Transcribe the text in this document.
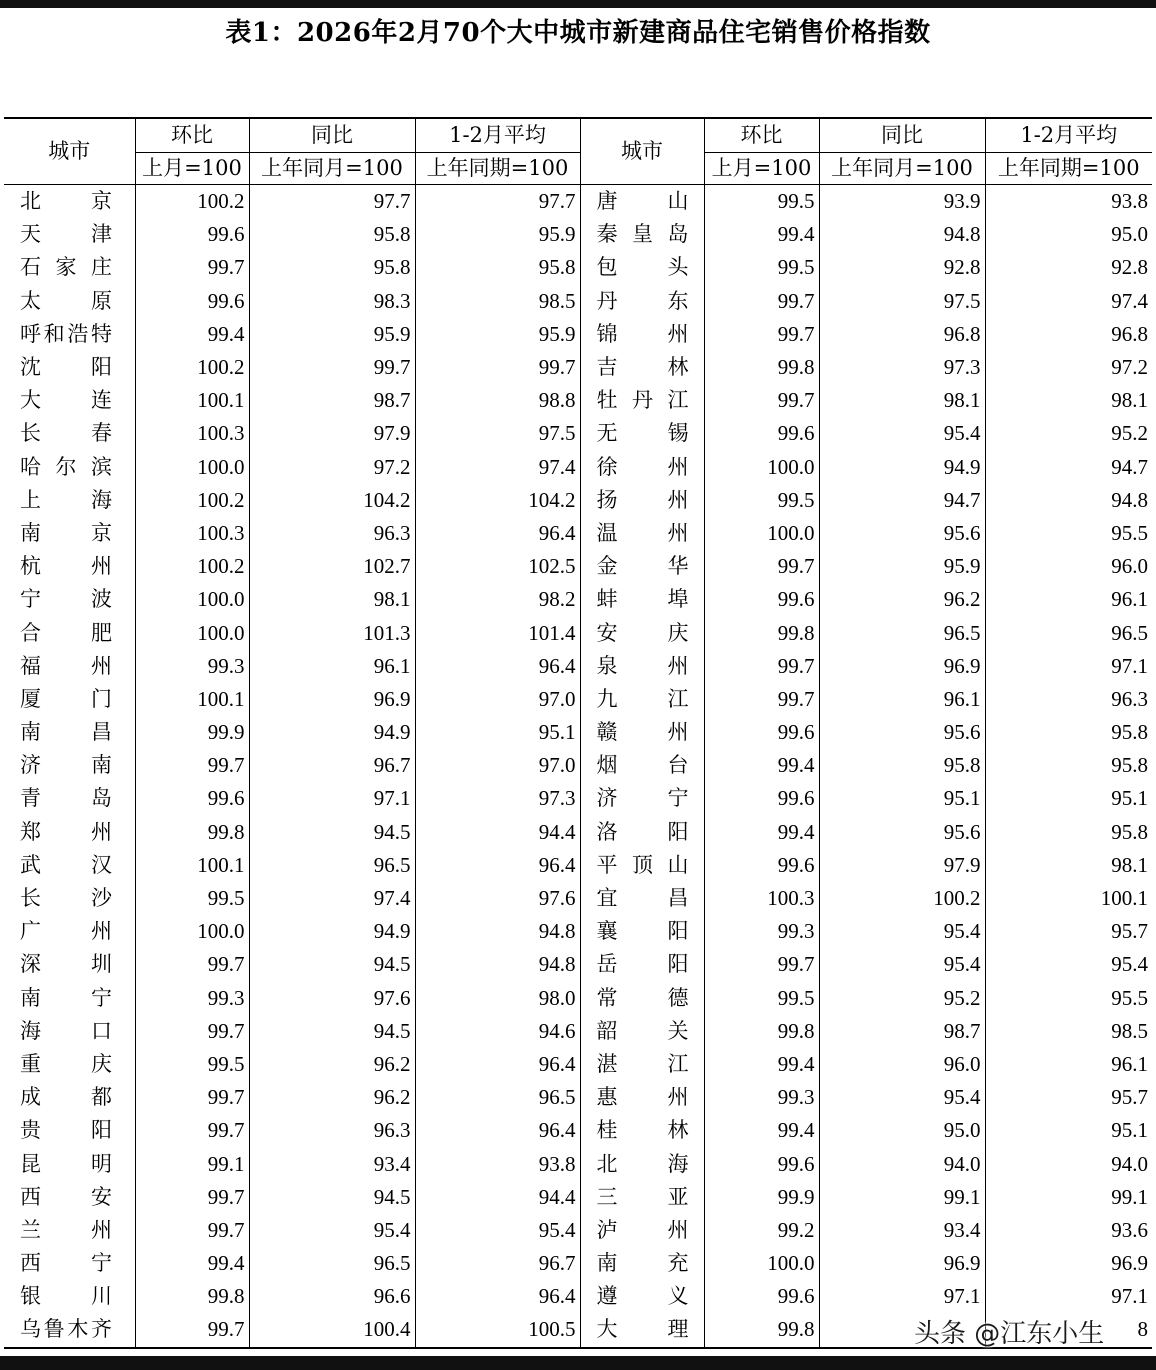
表1：2026年2月70个大中城市新建商品住宅销售价格指数
城市	环比	同比	1-2月平均	城市	环比	同比	1-2月平均
	上月=100	上年同月=100	上年同期=100		上月=100	上年同月=100	上年同期=100

北京	100.2	97.7	97.7	唐山	99.5	93.9	93.8

天津	99.6	95.8	95.9	秦皇岛	99.4	94.8	95.0

石家庄	99.7	95.8	95.8	包头	99.5	92.8	92.8

太原	99.6	98.3	98.5	丹东	99.7	97.5	97.4

呼和浩特	99.4	95.9	95.9	锦州	99.7	96.8	96.8

沈阳	100.2	99.7	99.7	吉林	99.8	97.3	97.2

大连	100.1	98.7	98.8	牡丹江	99.7	98.1	98.1

长春	100.3	97.9	97.5	无锡	99.6	95.4	95.2

哈尔滨	100.0	97.2	97.4	徐州	100.0	94.9	94.7

上海	100.2	104.2	104.2	扬州	99.5	94.7	94.8

南京	100.3	96.3	96.4	温州	100.0	95.6	95.5

杭州	100.2	102.7	102.5	金华	99.7	95.9	96.0

宁波	100.0	98.1	98.2	蚌埠	99.6	96.2	96.1

合肥	100.0	101.3	101.4	安庆	99.8	96.5	96.5

福州	99.3	96.1	96.4	泉州	99.7	96.9	97.1

厦门	100.1	96.9	97.0	九江	99.7	96.1	96.3

南昌	99.9	94.9	95.1	赣州	99.6	95.6	95.8

济南	99.7	96.7	97.0	烟台	99.4	95.8	95.8

青岛	99.6	97.1	97.3	济宁	99.6	95.1	95.1

郑州	99.8	94.5	94.4	洛阳	99.4	95.6	95.8

武汉	100.1	96.5	96.4	平顶山	99.6	97.9	98.1

长沙	99.5	97.4	97.6	宜昌	100.3	100.2	100.1

广州	100.0	94.9	94.8	襄阳	99.3	95.4	95.7

深圳	99.7	94.5	94.8	岳阳	99.7	95.4	95.4

南宁	99.3	97.6	98.0	常德	99.5	95.2	95.5

海口	99.7	94.5	94.6	韶关	99.8	98.7	98.5

重庆	99.5	96.2	96.4	湛江	99.4	96.0	96.1

成都	99.7	96.2	96.5	惠州	99.3	95.4	95.7

贵阳	99.7	96.3	96.4	桂林	99.4	95.0	95.1

昆明	99.1	93.4	93.8	北海	99.6	94.0	94.0

西安	99.7	94.5	94.4	三亚	99.9	99.1	99.1

兰州	99.7	95.4	95.4	泸州	99.2	93.4	93.6

西宁	99.4	96.5	96.7	南充	100.0	96.9	96.9

银川	99.8	96.6	96.4	遵义	99.6	97.1	97.1

乌鲁木齐	99.7	100.4	100.5	大理	99.8		8
头条 @江东小生
